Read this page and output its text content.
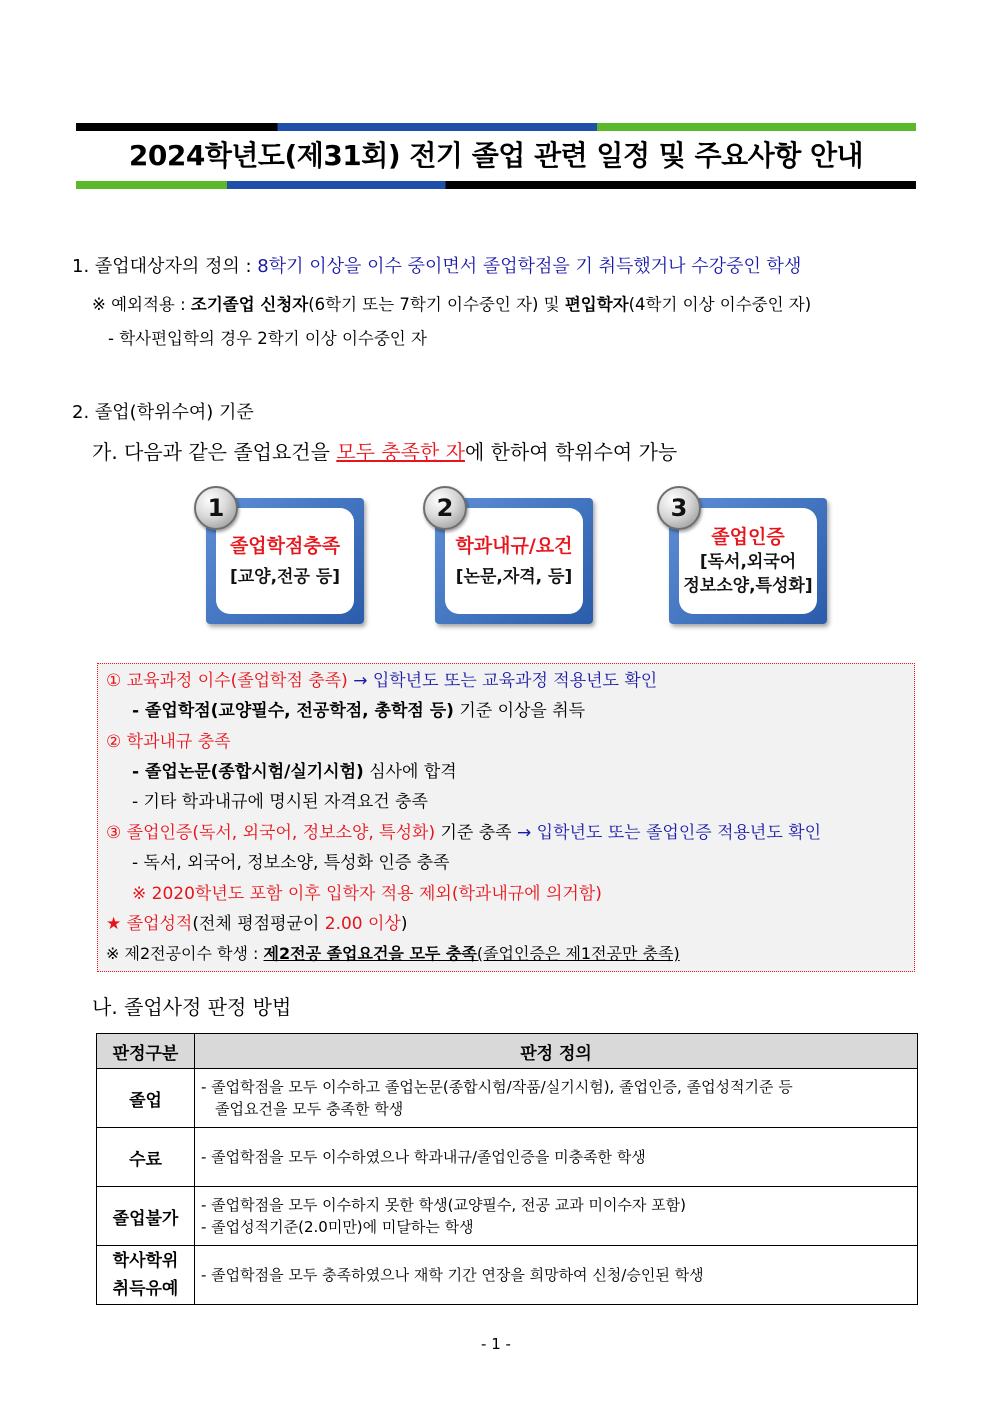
2024학년도(제31회) 전기 졸업 관련 일정 및 주요사항 안내
1. 졸업대상자의 정의 : 8학기 이상을 이수 중이면서 졸업학점을 기 취득했거나 수강중인 학생
※ 예외적용 : 조기졸업 신청자(6학기 또는 7학기 이수중인 자) 및 편입학자(4학기 이상 이수중인 자)
- 학사편입학의 경우 2학기 이상 이수중인 자
2. 졸업(학위수여) 기준
가. 다음과 같은 졸업요건을 모두 충족한 자에 한하여 학위수여 가능
졸업학점충족
[교양,전공 등]
1
학과내규/요건
[논문,자격, 등]
2
졸업인증
[독서,외국어
정보소양,특성화]
3
① 교육과정 이수(졸업학점 충족) → 입학년도 또는 교육과정 적용년도 확인
- 졸업학점(교양필수, 전공학점, 총학점 등) 기준 이상을 취득
② 학과내규 충족
- 졸업논문(종합시험/실기시험) 심사에 합격
- 기타 학과내규에 명시된 자격요건 충족
③ 졸업인증(독서, 외국어, 정보소양, 특성화) 기준 충족 → 입학년도 또는 졸업인증 적용년도 확인
- 독서, 외국어, 정보소양, 특성화 인증 충족
※ 2020학년도 포함 이후 입학자 적용 제외(학과내규에 의거함)
★ 졸업성적(전체 평점평균이 2.00 이상)
※ 제2전공이수 학생 : 제2전공 졸업요건을 모두 충족(졸업인증은 제1전공만 충족)
나. 졸업사정 판정 방법
판정구분	판정 정의
졸업	- 졸업학점을 모두 이수하고 졸업논문(종합시험/작품/실기시험), 졸업인증, 졸업성적기준 등
졸업요건을 모두 충족한 학생

수료	- 졸업학점을 모두 이수하였으나 학과내규/졸업인증을 미충족한 학생

졸업불가	- 졸업학점을 모두 이수하지 못한 학생(교양필수, 전공 교과 미이수자 포함)
- 졸업성적기준(2.0미만)에 미달하는 학생

학사학위
취득유예	- 졸업학점을 모두 충족하였으나 재학 기간 연장을 희망하여 신청/승인된 학생
- 1 -
